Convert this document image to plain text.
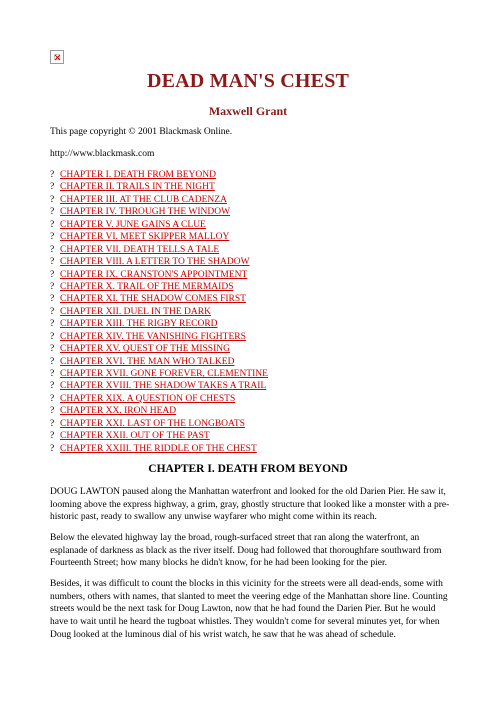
DEAD MAN'S CHEST
Maxwell Grant
This page copyright © 2001 Blackmask Online.
http://www.blackmask.com
? CHAPTER I. DEATH FROM BEYOND
? CHAPTER II. TRAILS IN THE NIGHT
? CHAPTER III. AT THE CLUB CADENZA
? CHAPTER IV. THROUGH THE WINDOW
? CHAPTER V. JUNE GAINS A CLUE
? CHAPTER VI. MEET SKIPPER MALLOY
? CHAPTER VII. DEATH TELLS A TALE
? CHAPTER VIII. A LETTER TO THE SHADOW
? CHAPTER IX. CRANSTON'S APPOINTMENT
? CHAPTER X. TRAIL OF THE MERMAIDS
? CHAPTER XI. THE SHADOW COMES FIRST
? CHAPTER XII. DUEL IN THE DARK
? CHAPTER XIII. THE RIGBY RECORD
? CHAPTER XIV. THE VANISHING FIGHTERS
? CHAPTER XV. QUEST OF THE MISSING
? CHAPTER XVI. THE MAN WHO TALKED
? CHAPTER XVII. GONE FOREVER, CLEMENTINE
? CHAPTER XVIII. THE SHADOW TAKES A TRAIL
? CHAPTER XIX. A QUESTION OF CHESTS
? CHAPTER XX. IRON HEAD
? CHAPTER XXI. LAST OF THE LONGBOATS
? CHAPTER XXII. OUT OF THE PAST
? CHAPTER XXIII. THE RIDDLE OF THE CHEST
CHAPTER I. DEATH FROM BEYOND

DOUG LAWTON paused along the Manhattan waterfront and looked for the old Darien Pier. He saw it, looming above the express highway, a grim, gray, ghostly structure that looked like a monster with a pre-historic past, ready to swallow any unwise wayfarer who might come within its reach.

Below the elevated highway lay the broad, rough-surfaced street that ran along the waterfront, an esplanade of darkness as black as the river itself. Doug had followed that thoroughfare southward from Fourteenth Street; how many blocks he didn't know, for he had been looking for the pier.

Besides, it was difficult to count the blocks in this vicinity for the streets were all dead-ends, some with numbers, others with names, that slanted to meet the veering edge of the Manhattan shore line. Counting streets would be the next task for Doug Lawton, now that he had found the Darien Pier. But he would have to wait until he heard the tugboat whistles. They wouldn't come for several minutes yet, for when Doug looked at the luminous dial of his wrist watch, he saw that he was ahead of schedule.
